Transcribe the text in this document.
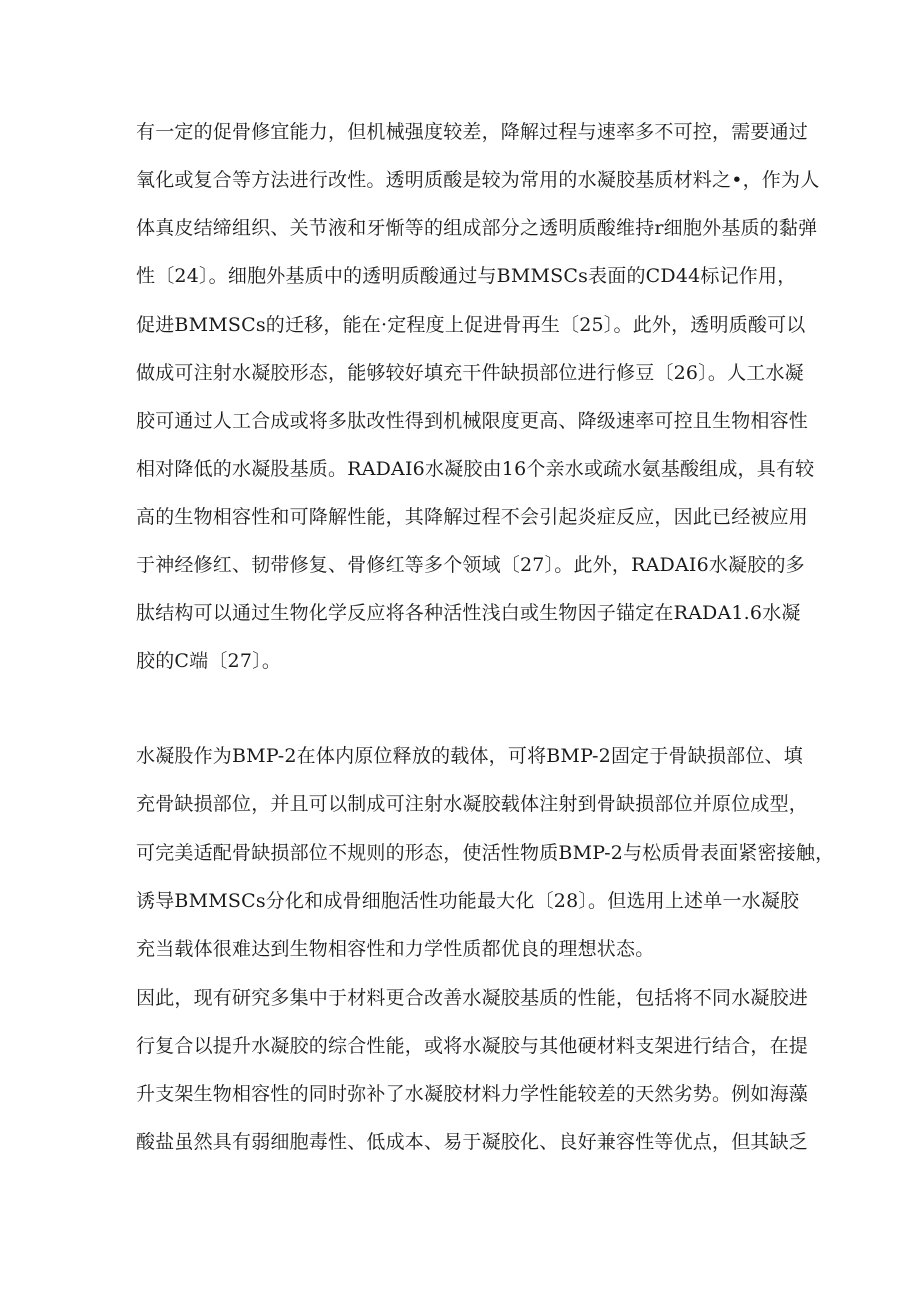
有一定的促骨修宜能力，但机械强度较差，降解过程与速率多不可控，需要通过
氧化或复合等方法进行改性。透明质酸是较为常用的水凝胶基质材料之•，作为人
体真皮结缔组织、关节液和牙惭等的组成部分之透明质酸维持r细胞外基质的黏弹
性〔24〕。细胞外基质中的透明质酸通过与BMMSCs表面的CD44标记作用，
促进BMMSCs的迁移，能在·定程度上促进骨再生〔25〕。此外，透明质酸可以
做成可注射水凝胶形态，能够较好填充干件缺损部位进行修豆〔26〕。人工水凝
胶可通过人工合成或将多肽改性得到机械限度更高、降级速率可控且生物相容性
相对降低的水凝股基质。RADAI6水凝胶由16个亲水或疏水氨基酸组成，具有较
高的生物相容性和可降解性能，其降解过程不会引起炎症反应，因此已经被应用
于神经修红、韧带修复、骨修红等多个领域〔27〕。此外，RADAI6水凝胶的多
肽结构可以通过生物化学反应将各种活性浅白或生物因子锚定在RADA1.6水凝
胶的C端〔27〕。
水凝股作为BMP-2在体内原位释放的载体，可将BMP-2固定于骨缺损部位、填
充骨缺损部位，并且可以制成可注射水凝胶载体注射到骨缺损部位并原位成型，
可完美适配骨缺损部位不规则的形态，使活性物质BMP-2与松质骨表面紧密接触，
诱导BMMSCs分化和成骨细胞活性功能最大化〔28〕。但选用上述单一水凝胶
充当载体很难达到生物相容性和力学性质都优良的理想状态。
因此，现有研究多集中于材料更合改善水凝胶基质的性能，包括将不同水凝胶进
行复合以提升水凝胶的综合性能，或将水凝胶与其他硬材料支架进行结合，在提
升支架生物相容性的同时弥补了水凝胶材料力学性能较差的天然劣势。例如海藻
酸盐虽然具有弱细胞毒性、低成本、易于凝胶化、良好兼容性等优点，但其缺乏
